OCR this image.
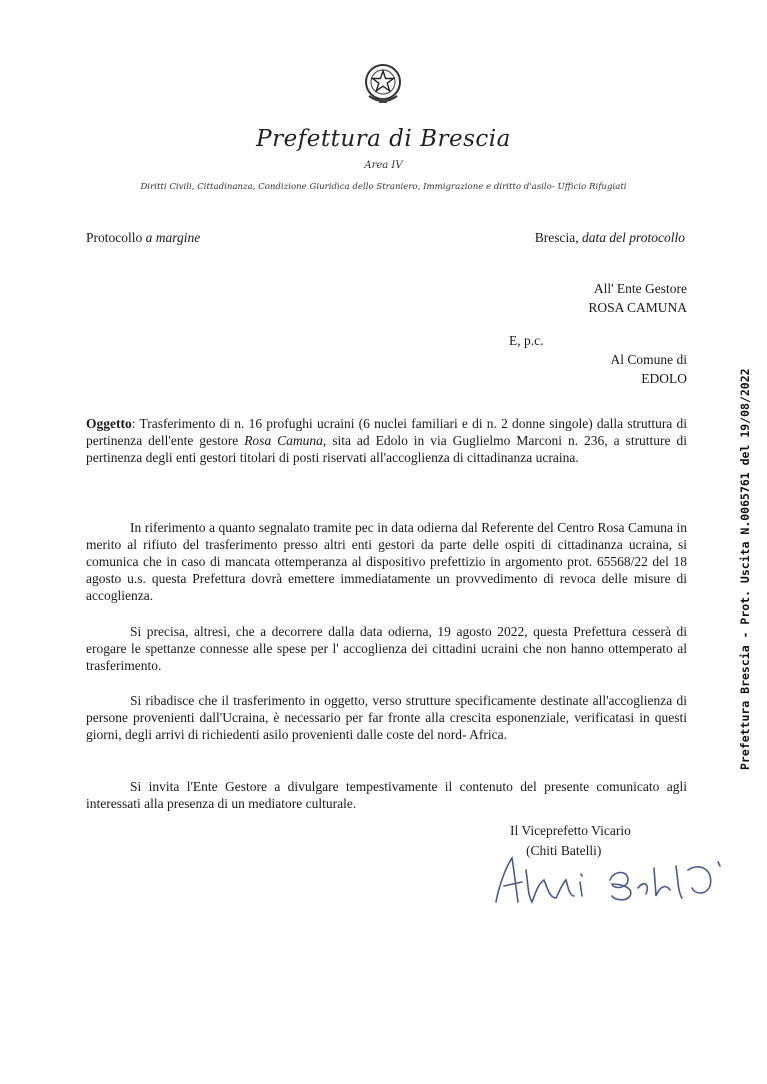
Prefettura di Brescia
Area IV
Diritti Civili, Cittadinanza, Condizione Giuridica dello Straniero, Immigrazione e diritto d'asilo- Ufficio Rifugiati
Protocollo a margine	Brescia, data del protocollo
All' Ente Gestore
ROSA CAMUNA
E, p.c.
Al Comune di
EDOLO
Oggetto: Trasferimento di n. 16 profughi ucraini (6 nuclei familiari e di n. 2 donne singole) dalla struttura di pertinenza dell'ente gestore Rosa Camuna, sita ad Edolo in via Guglielmo Marconi n. 236, a strutture di pertinenza degli enti gestori titolari di posti riservati all'accoglienza di cittadinanza ucraina.

In riferimento a quanto segnalato tramite pec in data odierna dal Referente del Centro Rosa Camuna in merito al rifiuto del trasferimento presso altri enti gestori da parte delle ospiti di cittadinanza ucraina, si comunica che in caso di mancata ottemperanza al dispositivo prefettizio in argomento prot. 65568/22 del 18 agosto u.s. questa Prefettura dovrà emettere immediatamente un provvedimento di revoca delle misure di accoglienza.

Si precisa, altresì, che a decorrere dalla data odierna, 19 agosto 2022, questa Prefettura cesserà di erogare le spettanze connesse alle spese per l' accoglienza dei cittadini ucraini che non hanno ottemperato al trasferimento.

Si ribadisce che il trasferimento in oggetto, verso strutture specificamente destinate all'accoglienza di persone provenienti dall'Ucraina, è necessario per far fronte alla crescita esponenziale, verificatasi in questi giorni, degli arrivi di richiedenti asilo provenienti dalle coste del nord- Africa.

Si invita l'Ente Gestore a divulgare tempestivamente il contenuto del presente comunicato agli interessati alla presenza di un mediatore culturale.

Il Viceprefetto Vicario
(Chiti Batelli)
Prefettura Brescia - Prot. Uscita N.0065761 del 19/08/2022
